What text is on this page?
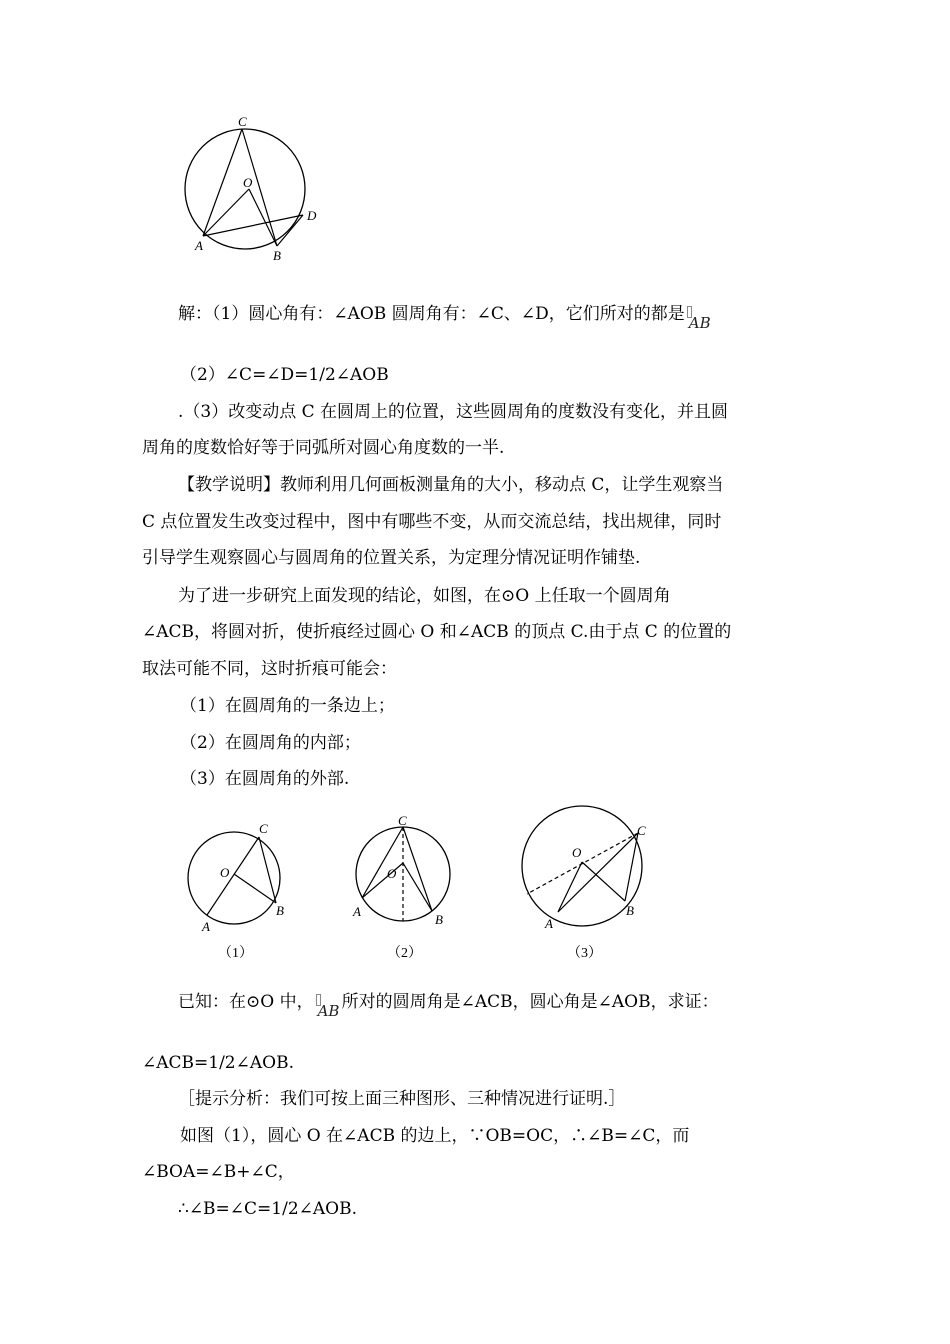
C
O
D
A
B
解：（1）圆心角有：∠AOB 圆周角有：∠C、∠D，它们所对的都是 AB
（2）∠C=∠D=1/2∠AOB
.（3）改变动点 C 在圆周上的位置，这些圆周角的度数没有变化，并且圆
周角的度数恰好等于同弧所对圆心角度数的一半.
【教学说明】教师利用几何画板测量角的大小，移动点 C，让学生观察当
C 点位置发生改变过程中，图中有哪些不变，从而交流总结，找出规律，同时
引导学生观察圆心与圆周角的位置关系，为定理分情况证明作铺垫.
为了进一步研究上面发现的结论，如图，在⊙O 上任取一个圆周角
∠ACB，将圆对折，使折痕经过圆心 O 和∠ACB 的顶点 C.由于点 C 的位置的
取法可能不同，这时折痕可能会：
（1）在圆周角的一条边上；
（2）在圆周角的内部；
（3）在圆周角的外部.
C
O
A
B
（1）
C
O
A
B
（2）
C
O
A
B
（3）
已知：在⊙O 中， AB 所对的圆周角是∠ACB，圆心角是∠AOB，求证：
∠ACB=1/2∠AOB.
［提示分析：我们可按上面三种图形、三种情况进行证明.］
如图（1），圆心 O 在∠ACB 的边上，∵OB=OC，∴∠B=∠C，而
∠BOA=∠B+∠C，
∴∠B=∠C=1/2∠AOB.
